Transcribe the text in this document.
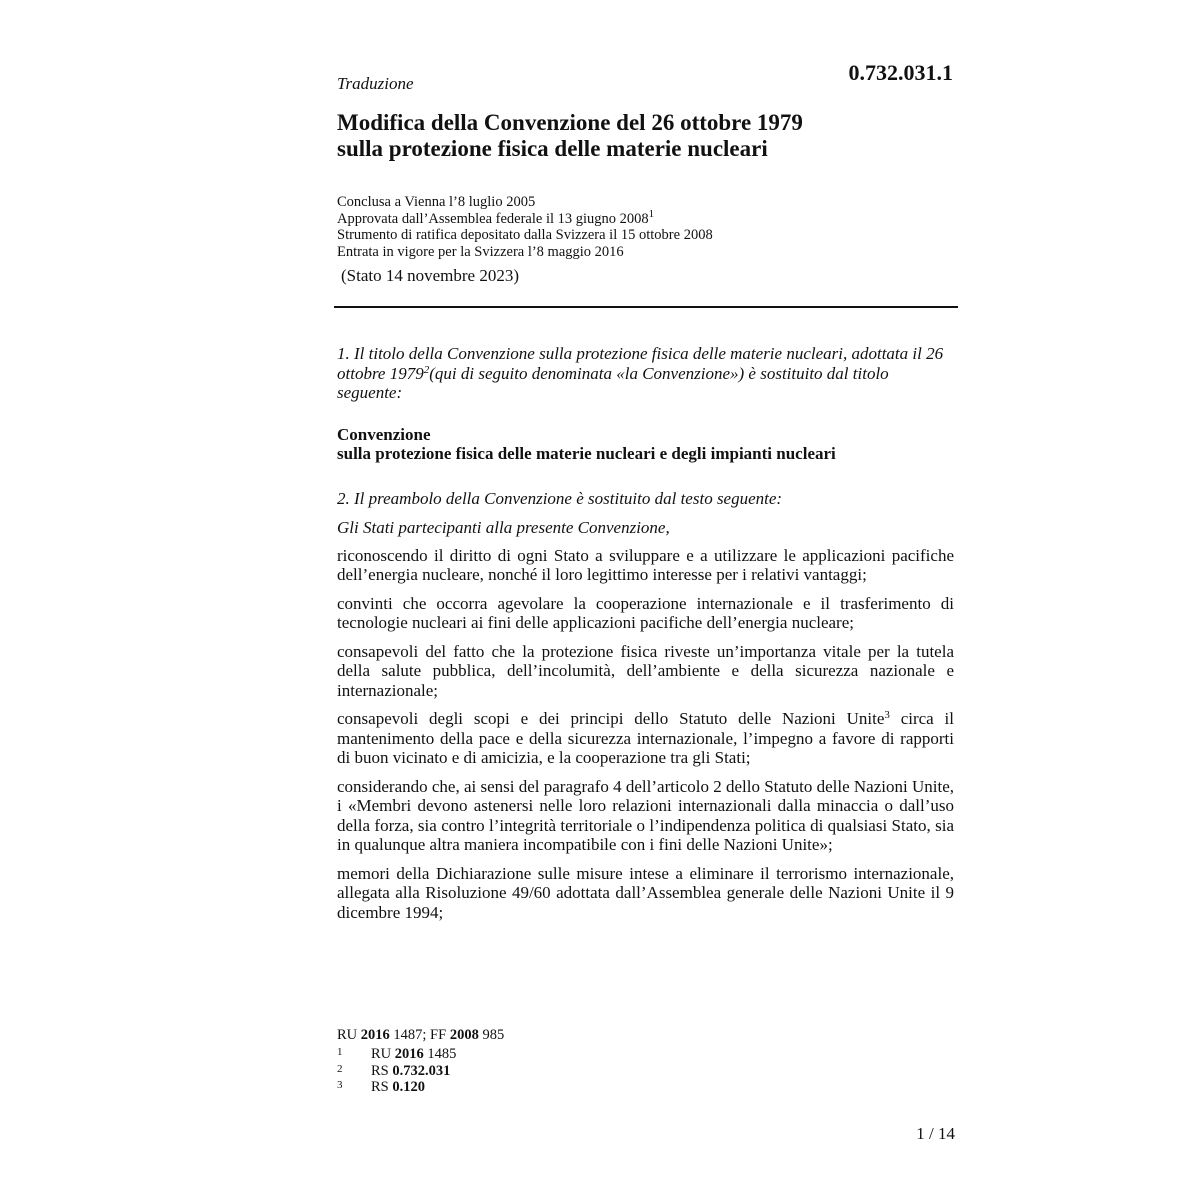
Traduzione	0.732.031.1
Modifica della Convenzione del 26 ottobre 1979
sulla protezione fisica delle materie nucleari
Conclusa a Vienna l’8 luglio 2005
Approvata dall’Assemblea federale il 13 giugno 2008$^1$
Strumento di ratifica depositato dalla Svizzera il 15 ottobre 2008
Entrata in vigore per la Svizzera l’8 maggio 2016
(Stato 14 novembre 2023)

1. Il titolo della Convenzione sulla protezione fisica delle materie nucleari, adottata il 26 ottobre 1979$^2$(qui di seguito denominata «la Convenzione») è sostituito dal titolo seguente:

Convenzione
sulla protezione fisica delle materie nucleari e degli impianti nucleari

2. Il preambolo della Convenzione è sostituito dal testo seguente:

Gli Stati partecipanti alla presente Convenzione,

riconoscendo il diritto di ogni Stato a sviluppare e a utilizzare le applicazioni pacifiche dell’energia nucleare, nonché il loro legittimo interesse per i relativi vantaggi;

convinti che occorra agevolare la cooperazione internazionale e il trasferimento di tecnologie nucleari ai fini delle applicazioni pacifiche dell’energia nucleare;

consapevoli del fatto che la protezione fisica riveste un’importanza vitale per la tutela della salute pubblica, dell’incolumità, dell’ambiente e della sicurezza nazionale e internazionale;

consapevoli degli scopi e dei principi dello Statuto delle Nazioni Unite$^3$ circa il mantenimento della pace e della sicurezza internazionale, l’impegno a favore di rapporti di buon vicinato e di amicizia, e la cooperazione tra gli Stati;

considerando che, ai sensi del paragrafo 4 dell’articolo 2 dello Statuto delle Nazioni Unite, i «Membri devono astenersi nelle loro relazioni internazionali dalla minaccia o dall’uso della forza, sia contro l’integrità territoriale o l’indipendenza politica di qualsiasi Stato, sia in qualunque altra maniera incompatibile con i fini delle Nazioni Unite»;

memori della Dichiarazione sulle misure intese a eliminare il terrorismo internazionale, allegata alla Risoluzione 49/60 adottata dall’Assemblea generale delle Nazioni Unite il 9 dicembre 1994;

RU 2016 1487; FF 2008 985
1	RU 2016 1485
2	RS 0.732.031
3	RS 0.120
1 / 14
